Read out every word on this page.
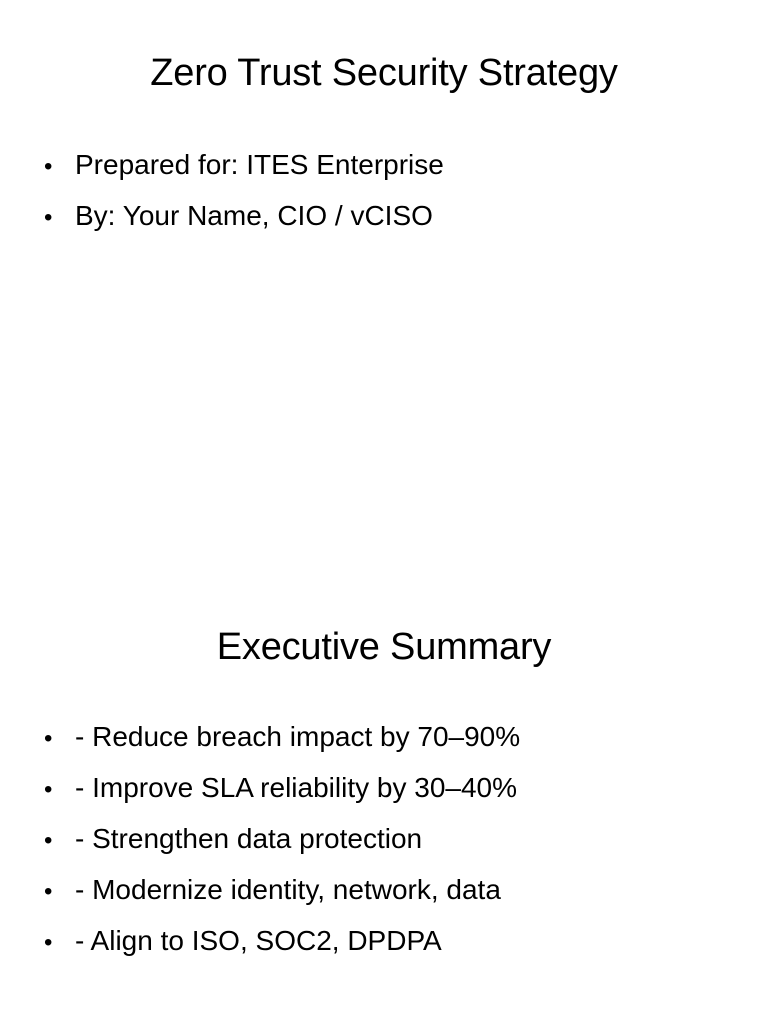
Zero Trust Security Strategy
• Prepared for: ITES Enterprise
• By: Your Name, CIO / vCISO
Executive Summary
• - Reduce breach impact by 70–90%
• - Improve SLA reliability by 30–40%
• - Strengthen data protection
• - Modernize identity, network, data
• - Align to ISO, SOC2, DPDPA
